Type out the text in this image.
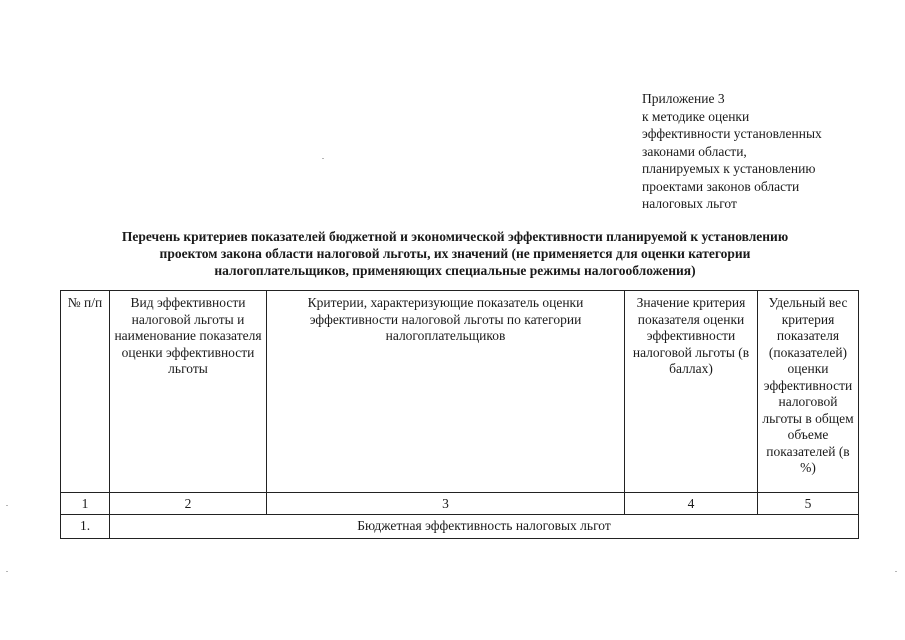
Приложение 3
к методике оценки
эффективности установленных
законами области,
планируемых к установлению
проектами законов области
налоговых льгот
Перечень критериев показателей бюджетной и экономической эффективности планируемой к установлению
проектом закона области налоговой льготы, их значений (не применяется для оценки категории
налогоплательщиков, применяющих специальные режимы налогообложения)
№ п/п	Вид эффективности налоговой льготы и наименование показателя оценки эффективности льготы	Критерии, характеризующие показатель оценки эффективности налоговой льготы по категории налогоплательщиков	Значение критерия показателя оценки эффективности налоговой льготы (в баллах)	Удельный вес критерия показателя (показателей) оценки эффективности налоговой льготы в общем объеме показателей (в %)
1	2	3	4	5
1.	Бюджетная эффективность налоговых льгот			
